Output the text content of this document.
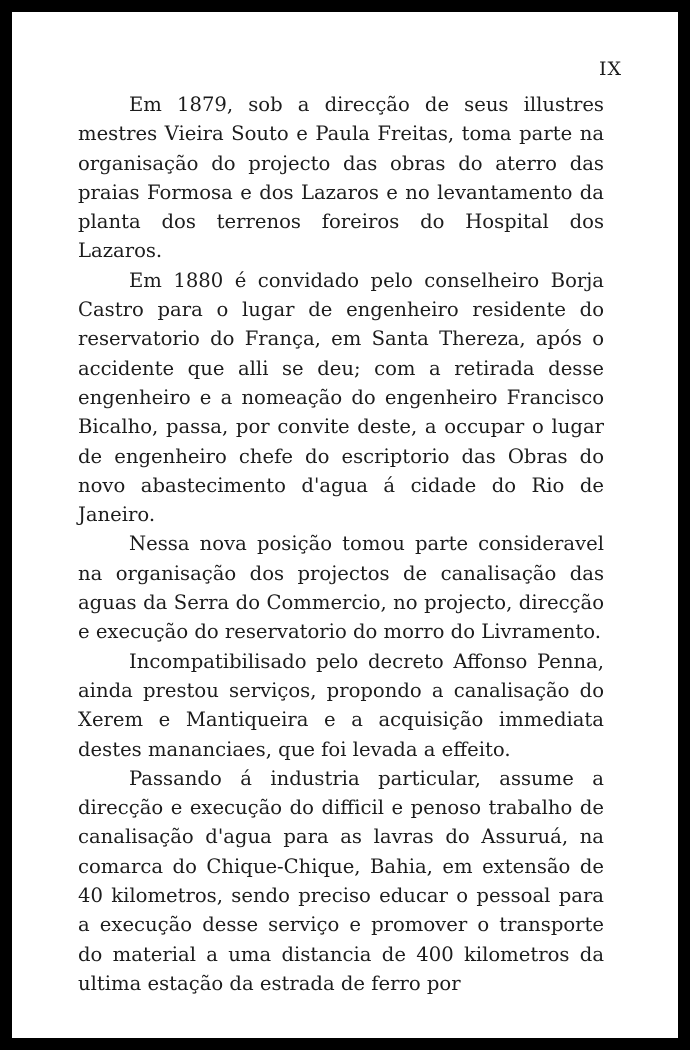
IX

Em 1879, sob a direcção de seus illustres mestres Vieira Souto e Paula Freitas, toma parte na organisação do projecto das obras do aterro das praias Formosa e dos Lazaros e no levantamento da planta dos terrenos foreiros do Hospital dos Lazaros.

Em 1880 é convidado pelo conselheiro Borja Castro para o lugar de engenheiro residente do reservatorio do França, em Santa Thereza, após o accidente que alli se deu; com a retirada desse engenheiro e a nomeação do engenheiro Francisco Bicalho, passa, por convite deste, a occupar o lugar de engenheiro chefe do escriptorio das Obras do novo abastecimento d'agua á cidade do Rio de Janeiro.

Nessa nova posição tomou parte consideravel na organisação dos projectos de canalisação das aguas da Serra do Commercio, no projecto, direcção e execução do reservatorio do morro do Livramento.

Incompatibilisado pelo decreto Affonso Penna, ainda prestou serviços, propondo a canalisação do Xerem e Mantiqueira e a acquisição immediata destes mananciaes, que foi levada a effeito.

Passando á industria particular, assume a direcção e execução do difficil e penoso trabalho de canalisação d'agua para as lavras do Assuruá, na comarca do Chique-Chique, Bahia, em extensão de 40 kilometros, sendo preciso educar o pessoal para a execução desse serviço e promover o transporte do material a uma distancia de 400 kilometros da ultima estação da estrada de ferro por
